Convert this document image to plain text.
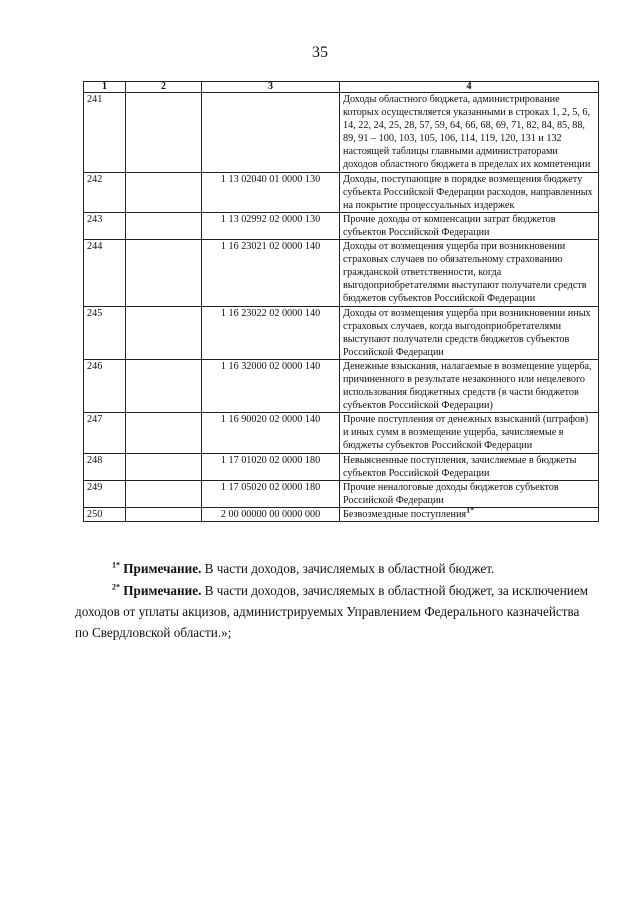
35
1	2	3	4
241			Доходы областного бюджета, администрирование которых осуществляется указанными в строках 1, 2, 5, 6, 14, 22, 24, 25, 28, 57, 59, 64, 66, 68, 69, 71, 82, 84, 85, 88, 89, 91 – 100, 103, 105, 106, 114, 119, 120, 131 и 132 настоящей таблицы главными администраторами доходов областного бюджета в пределах их компетенции
242		1 13 02040 01 0000 130	Доходы, поступающие в порядке возмещения бюджету субъекта Российской Федерации расходов, направленных на покрытие процессуальных издержек
243		1 13 02992 02 0000 130	Прочие доходы от компенсации затрат бюджетов субъектов Российской Федерации
244		1 16 23021 02 0000 140	Доходы от возмещения ущерба при возникновении страховых случаев по обязательному страхованию гражданской ответственности, когда выгодоприобретателями выступают получатели средств бюджетов субъектов Российской Федерации
245		1 16 23022 02 0000 140	Доходы от возмещения ущерба при возникновении иных страховых случаев, когда выгодоприобретателями выступают получатели средств бюджетов субъектов Российской Федерации
246		1 16 32000 02 0000 140	Денежные взыскания, налагаемые в возмещение ущерба, причиненного в результате незаконного или нецелевого использования бюджетных средств (в части бюджетов субъектов Российской Федерации)
247		1 16 90020 02 0000 140	Прочие поступления от денежных взысканий (штрафов) и иных сумм в возмещение ущерба, зачисляемые в бюджеты субъектов Российской Федерации
248		1 17 01020 02 0000 180	Невыясненные поступления, зачисляемые в бюджеты субъектов Российской Федерации
249		1 17 05020 02 0000 180	Прочие неналоговые доходы бюджетов субъектов Российской Федерации
250		2 00 00000 00 0000 000	Безвозмездные поступления$^{1*}$

$^{1*}$ Примечание. В части доходов, зачисляемых в областной бюджет.

$^{2*}$ Примечание. В части доходов, зачисляемых в областной бюджет, за исключением доходов от уплаты акцизов, администрируемых Управлением Федерального казначейства по Свердловской области.»;
